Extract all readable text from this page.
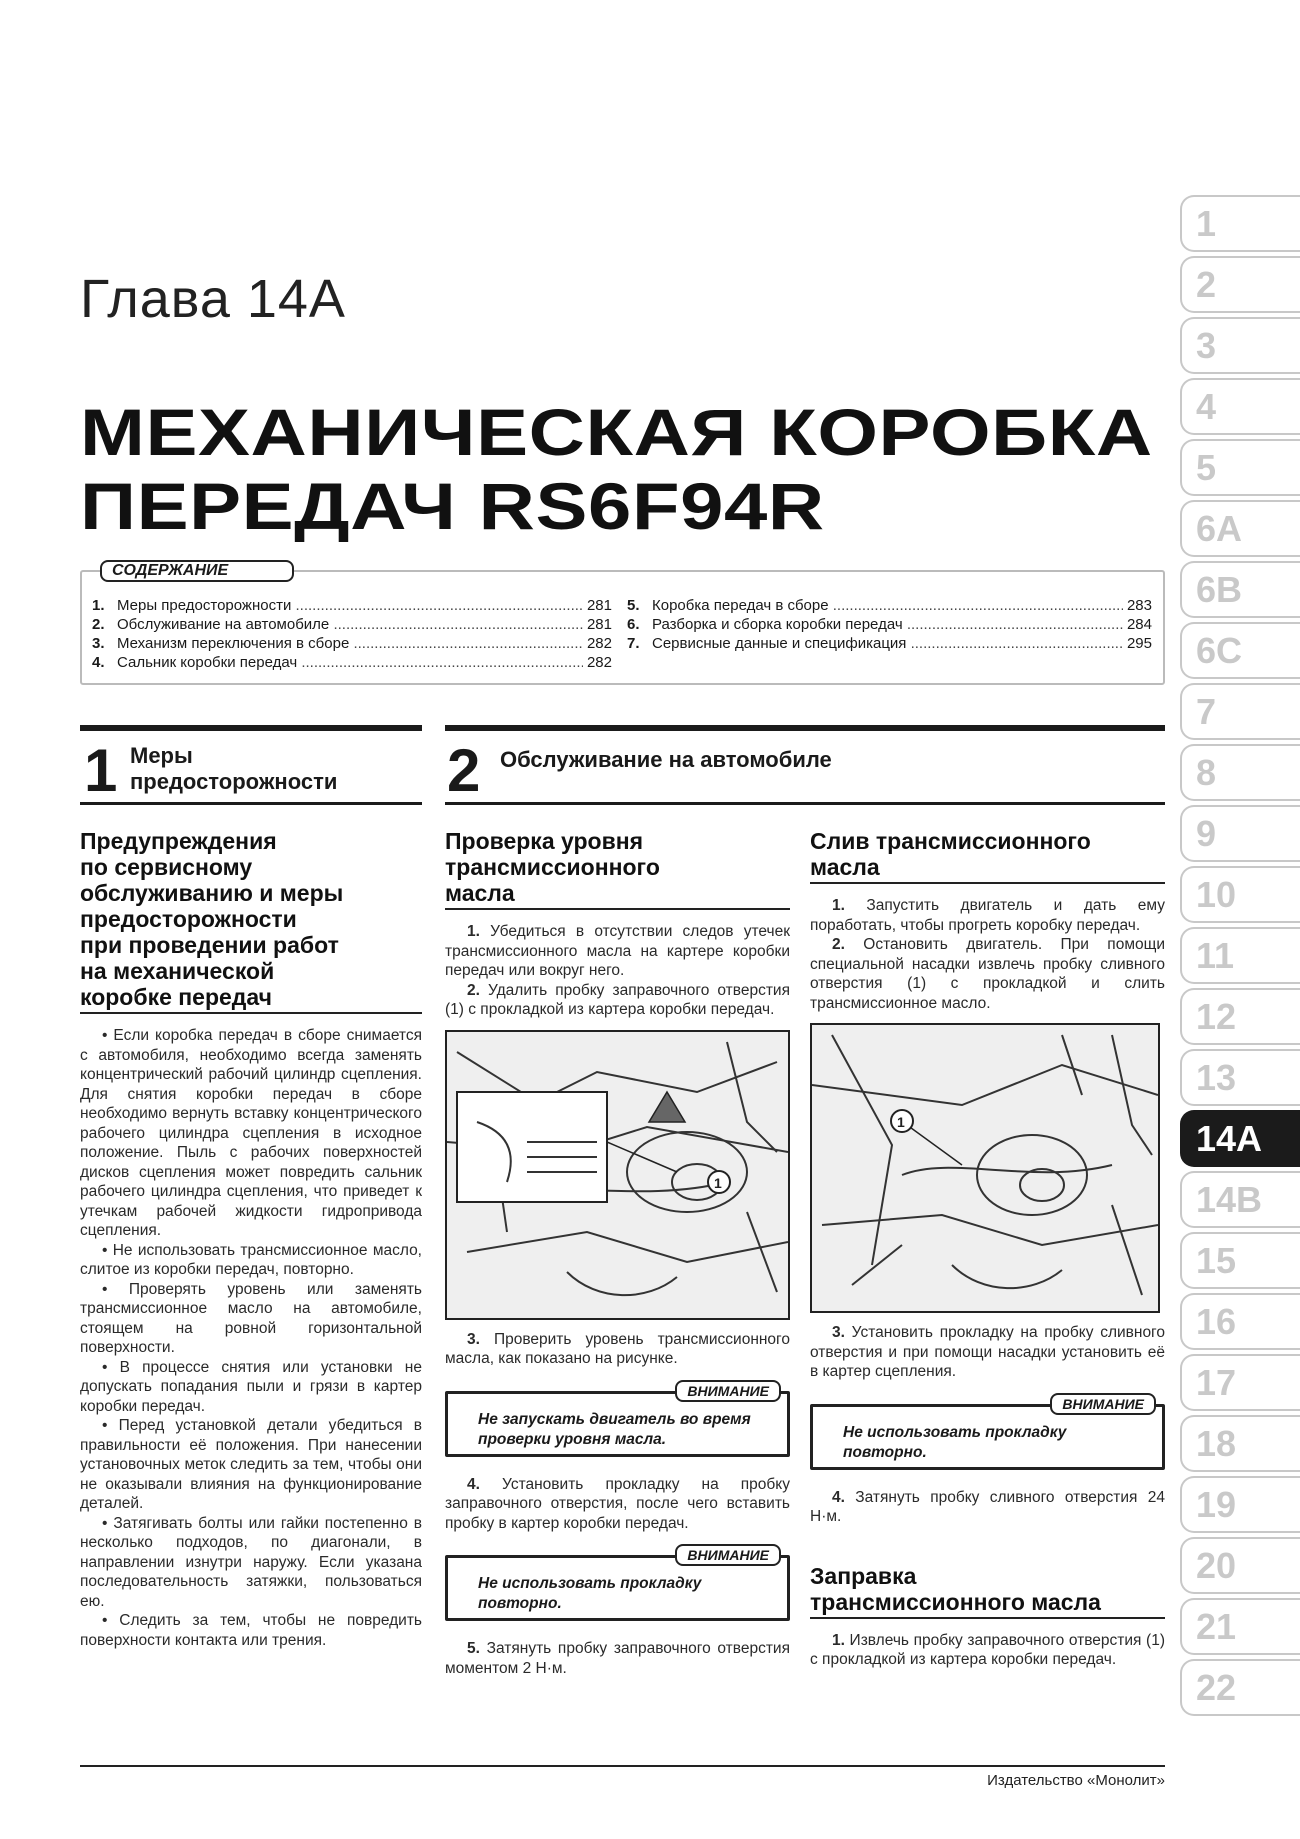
1
2
3
4
5
6A
6B
6C
7
8
9
10
11
12
13
14A
14B
15
16
17
18
19
20
21
22
Глава 14А
МЕХАНИЧЕСКАЯ КОРОБКА
ПЕРЕДАЧ RS6F94R
1. Меры предосторожности .....	281
2. Обслуживание на автомобиле .....	281
3. Механизм переключения в сборе .....	282
4. Сальник коробки передач .....	282
5. Коробка передач в сборе .....	283
6. Разборка и сборка коробки передач .....	284
7. Сервисные данные и спецификация .....	295
СОДЕРЖАНИЕ
1 Меры
предосторожности 2 Обслуживание на автомобиле
Предупреждения
по сервисному
обслуживанию и меры
предосторожности
при проведении работ
на механической
коробке передач

• Если коробка передач в сборе снимается с автомобиля, необходимо всегда заменять концентрический рабочий цилиндр сцепления. Для снятия коробки передач в сборе необходимо вернуть вставку концентрического рабочего цилиндра сцепления в исходное положение. Пыль с рабочих поверхностей дисков сцепления может повредить сальник рабочего цилиндра сцепления, что приведет к утечкам рабочей жидкости гидропривода сцепления.

• Не использовать трансмиссионное масло, слитое из коробки передач, повторно.

• Проверять уровень или заменять трансмиссионное масло на автомобиле, стоящем на ровной горизонтальной поверхности.

• В процессе снятия или установки не допускать попадания пыли и грязи в картер коробки передач.

• Перед установкой детали убедиться в правильности её положения. При нанесении установочных меток следить за тем, чтобы они не оказывали влияния на функционирование деталей.

• Затягивать болты или гайки постепенно в несколько подходов, по диагонали, в направлении изнутри наружу. Если указана последовательность затяжки, пользоваться ею.

• Следить за тем, чтобы не повредить поверхности контакта или трения.

Проверка уровня
трансмиссионного
масла

1. Убедиться в отсутствии следов утечек трансмиссионного масла на картере коробки передач или вокруг него.

2. Удалить пробку заправочного отверстия (1) с прокладкой из картера коробки передач.

1

3. Проверить уровень трансмиссионного масла, как показано на рисунке.

ВНИМАНИЕ
Не запускать двигатель во время проверки уровня масла.

4. Установить прокладку на пробку заправочного отверстия, после чего вставить пробку в картер коробки передач.

ВНИМАНИЕ
Не использовать прокладку повторно.

5. Затянуть пробку заправочного отверстия моментом 2 Н·м.

Слив трансмиссионного
масла

1. Запустить двигатель и дать ему поработать, чтобы прогреть коробку передач.

2. Остановить двигатель. При помощи специальной насадки извлечь пробку сливного отверстия (1) с прокладкой и слить трансмиссионное масло.

1

3. Установить прокладку на пробку сливного отверстия и при помощи насадки установить её в картер сцепления.

ВНИМАНИЕ
Не использовать прокладку повторно.

4. Затянуть пробку сливного отверстия 24 Н·м.

Заправка
трансмиссионного масла

1. Извлечь пробку заправочного отверстия (1) с прокладкой из картера коробки передач.

Издательство «Монолит»
